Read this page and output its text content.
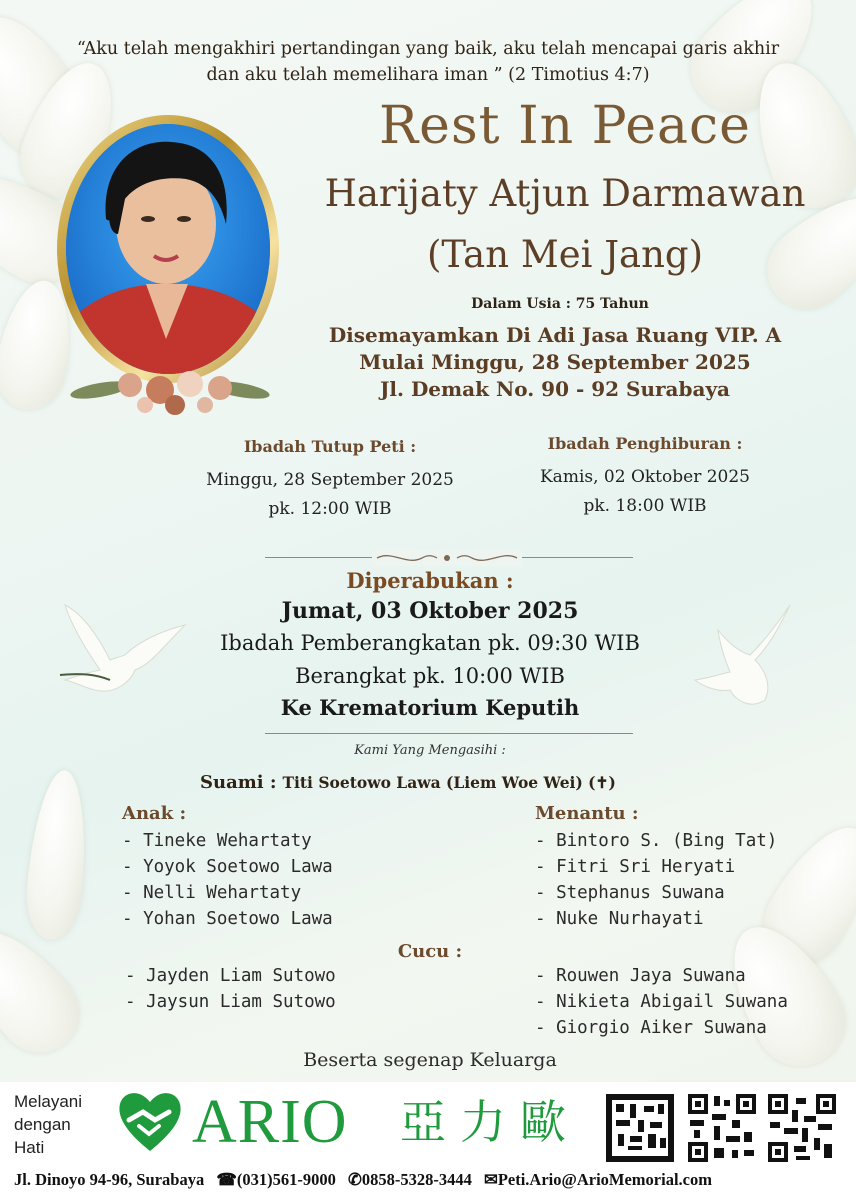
“Aku telah mengakhiri pertandingan yang baik, aku telah mencapai garis akhir
dan aku telah memelihara iman ” (2 Timotius 4:7)
Rest In Peace
Harijaty Atjun Darmawan
(Tan Mei Jang)
Dalam Usia : 75 Tahun
Disemayamkan Di Adi Jasa Ruang VIP. A
Mulai Minggu, 28 September 2025
Jl. Demak No. 90 - 92 Surabaya
Ibadah Tutup Peti :
Minggu, 28 September 2025
pk. 12:00 WIB
Ibadah Penghiburan :
Kamis, 02 Oktober 2025
pk. 18:00 WIB
Diperabukan :
Jumat, 03 Oktober 2025
Ibadah Pemberangkatan pk. 09:30 WIB
Berangkat pk. 10:00 WIB
Ke Krematorium Keputih
Kami Yang Mengasihi :
Suami : Titi Soetowo Lawa (Liem Woe Wei) (✝)
Anak :
- Tineke Wehartaty
- Yoyok Soetowo Lawa
- Nelli Wehartaty
- Yohan Soetowo Lawa
Menantu :
- Bintoro S. (Bing Tat)
- Fitri Sri Heryati
- Stephanus Suwana
- Nuke Nurhayati
Cucu :
- Jayden Liam Sutowo
- Jaysun Liam Sutowo
- Rouwen Jaya Suwana
- Nikieta Abigail Suwana
- Giorgio Aiker Suwana
Beserta segenap Keluarga
Melayani
dengan
Hati	ARIO 亞力歐
Jl. Dinoyo 94-96, Surabaya ☎(031)561-9000 ✆0858-5328-3444 ✉Peti.Ario@ArioMemorial.com
